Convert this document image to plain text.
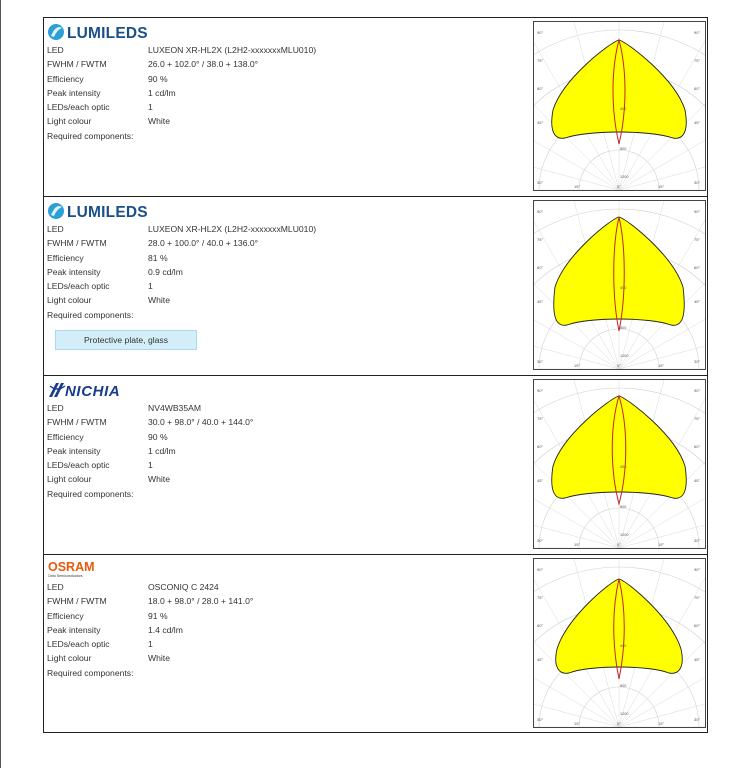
LUMILEDS
LED	LUXEON XR-HL2X (L2H2-xxxxxxxMLU010)
FWHM / FWTM	26.0 + 102.0° / 38.0 + 138.0°
Efficiency	90 %
Peak intensity	1 cd/lm
LEDs/each optic	1
Light colour	White
Required components:
400
800
1200
90°	90°
75°	75°
60°	60°
45°	45°
30°	30°
15°	0°	15°
LUMILEDS
LED	LUXEON XR-HL2X (L2H2-xxxxxxxMLU010)
FWHM / FWTM	28.0 + 100.0° / 40.0 + 136.0°
Efficiency	81 %
Peak intensity	0.9 cd/lm
LEDs/each optic	1
Light colour	White
Required components:
Protective plate, glass
400
800
1200
90°	90°
75°	75°
60°	60°
45°	45°
30°	30°
15°	0°	15°
NICHIA
LED	NV4WB35AM
FWHM / FWTM	30.0 + 98.0° / 40.0 + 144.0°
Efficiency	90 %
Peak intensity	1 cd/lm
LEDs/each optic	1
Light colour	White
Required components:
400
800
1200
90°	90°
75°	75°
60°	60°
45°	45°
30°	30°
15°	0°	15°
OSRAM
Opto Semiconductors
LED	OSCONIQ C 2424
FWHM / FWTM	18.0 + 98.0° / 28.0 + 141.0°
Efficiency	91 %
Peak intensity	1.4 cd/lm
LEDs/each optic	1
Light colour	White
Required components:
400
800
1200
90°	90°
75°	75°
60°	60°
45°	45°
30°	30°
15°	0°	15°
